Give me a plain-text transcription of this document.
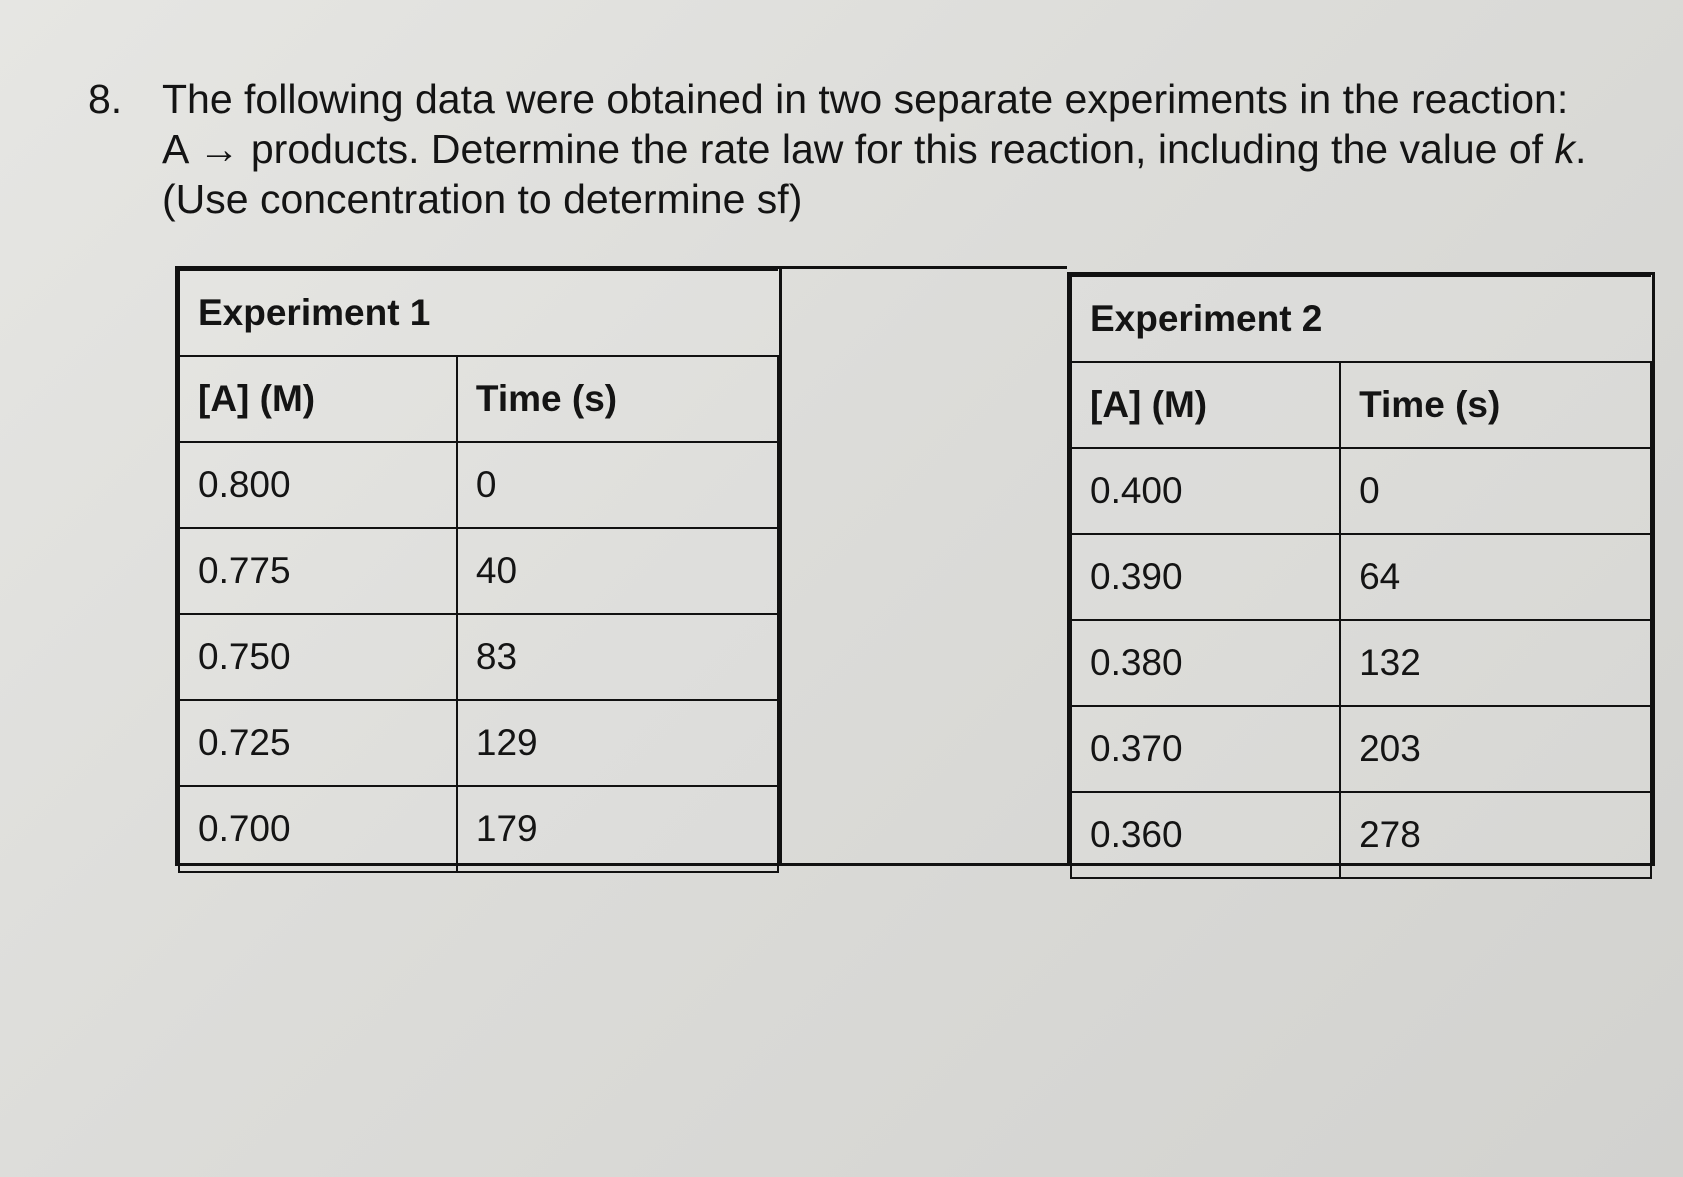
8. The following data were obtained in two separate experiments in the reaction:
A → products. Determine the rate law for this reaction, including the value of k.
(Use concentration to determine sf)
Experiment 1	
[A] (M)	Time (s)
0.800	0
0.775	40
0.750	83
0.725	129
0.700	179
Experiment 2	
[A] (M)	Time (s)
0.400	0
0.390	64
0.380	132
0.370	203
0.360	278
